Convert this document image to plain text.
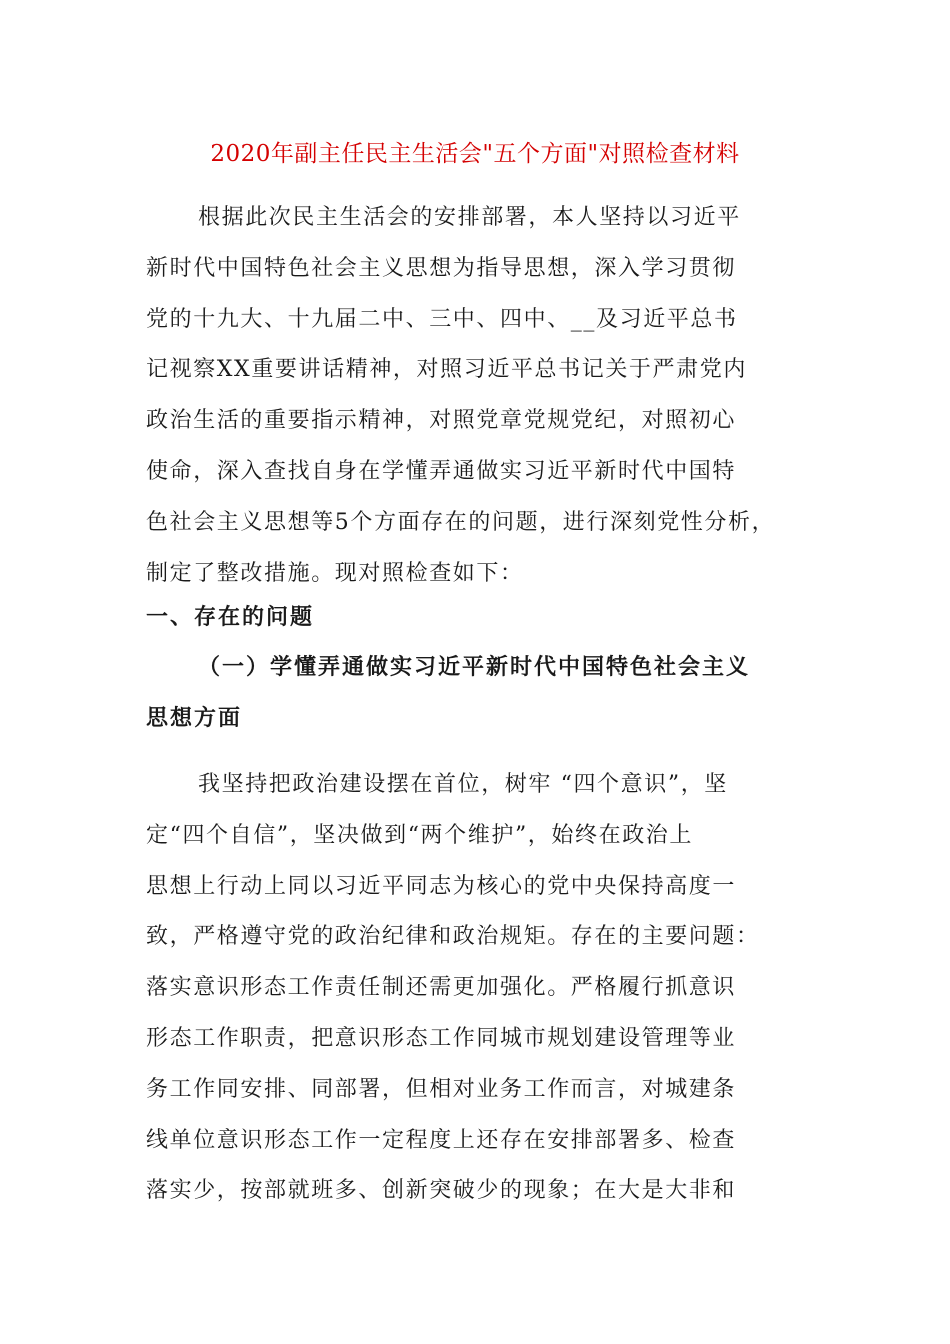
2020年副主任民主生活会"五个方面"对照检查材料
根据此次民主生活会的安排部署，本人坚持以习近平
新时代中国特色社会主义思想为指导思想，深入学习贯彻
党的十九大、十九届二中、三中、四中、__及习近平总书
记视察XX重要讲话精神，对照习近平总书记关于严肃党内
政治生活的重要指示精神，对照党章党规党纪，对照初心
使命，深入查找自身在学懂弄通做实习近平新时代中国特
色社会主义思想等5个方面存在的问题，进行深刻党性分析，
制定了整改措施。现对照检查如下：
一、存在的问题
（一）学懂弄通做实习近平新时代中国特色社会主义
思想方面
我坚持把政治建设摆在首位，树牢 “四个意识”，坚
定“四个自信”，坚决做到“两个维护”，始终在政治上
思想上行动上同以习近平同志为核心的党中央保持高度一
致，严格遵守党的政治纪律和政治规矩。存在的主要问题：
落实意识形态工作责任制还需更加强化。严格履行抓意识
形态工作职责，把意识形态工作同城市规划建设管理等业
务工作同安排、同部署，但相对业务工作而言，对城建条
线单位意识形态工作一定程度上还存在安排部署多、检查
落实少，按部就班多、创新突破少的现象；在大是大非和
